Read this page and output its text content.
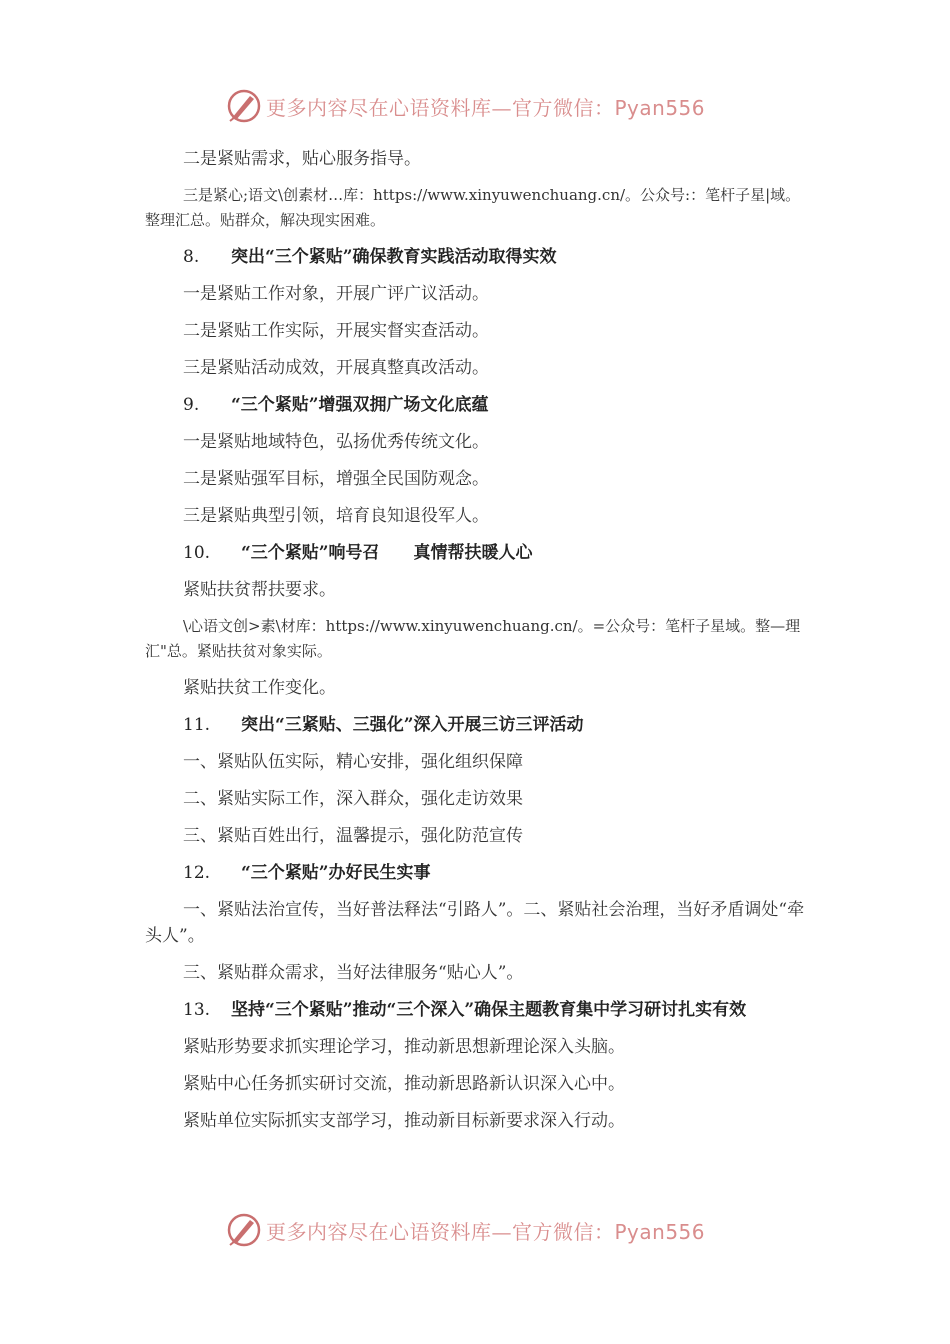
更多内容尽在心语资料库—官方微信：Pyan556

二是紧贴需求，贴心服务指导。

三是紧心;语文\创素材…库：https://www.xinyuwenchuang.cn/。公众号:：笔杆子星|域。整理汇总。贴群众，解决现实困难。

8. 突出“三个紧贴”确保教育实践活动取得实效

一是紧贴工作对象，开展广评广议活动。

二是紧贴工作实际，开展实督实查活动。

三是紧贴活动成效，开展真整真改活动。

9. “三个紧贴”增强双拥广场文化底蕴

一是紧贴地域特色，弘扬优秀传统文化。

二是紧贴强军目标，增强全民国防观念。

三是紧贴典型引领，培育良知退役军人。

10. “三个紧贴”响号召　　真情帮扶暖人心

紧贴扶贫帮扶要求。

\心语文创>素\材库：https://www.xinyuwenchuang.cn/。=公众号：笔杆子星域。整—理汇"总。紧贴扶贫对象实际。

紧贴扶贫工作变化。

11. 突出“三紧贴、三强化”深入开展三访三评活动

一、紧贴队伍实际，精心安排，强化组织保障

二、紧贴实际工作，深入群众，强化走访效果

三、紧贴百姓出行，温馨提示，强化防范宣传

12. “三个紧贴”办好民生实事

一、紧贴法治宣传，当好普法释法“引路人”。二、紧贴社会治理，当好矛盾调处“牵头人”。

三、紧贴群众需求，当好法律服务“贴心人”。

13. 坚持“三个紧贴”推动“三个深入”确保主题教育集中学习研讨扎实有效

紧贴形势要求抓实理论学习，推动新思想新理论深入头脑。

紧贴中心任务抓实研讨交流，推动新思路新认识深入心中。

紧贴单位实际抓实支部学习，推动新目标新要求深入行动。

更多内容尽在心语资料库—官方微信：Pyan556
